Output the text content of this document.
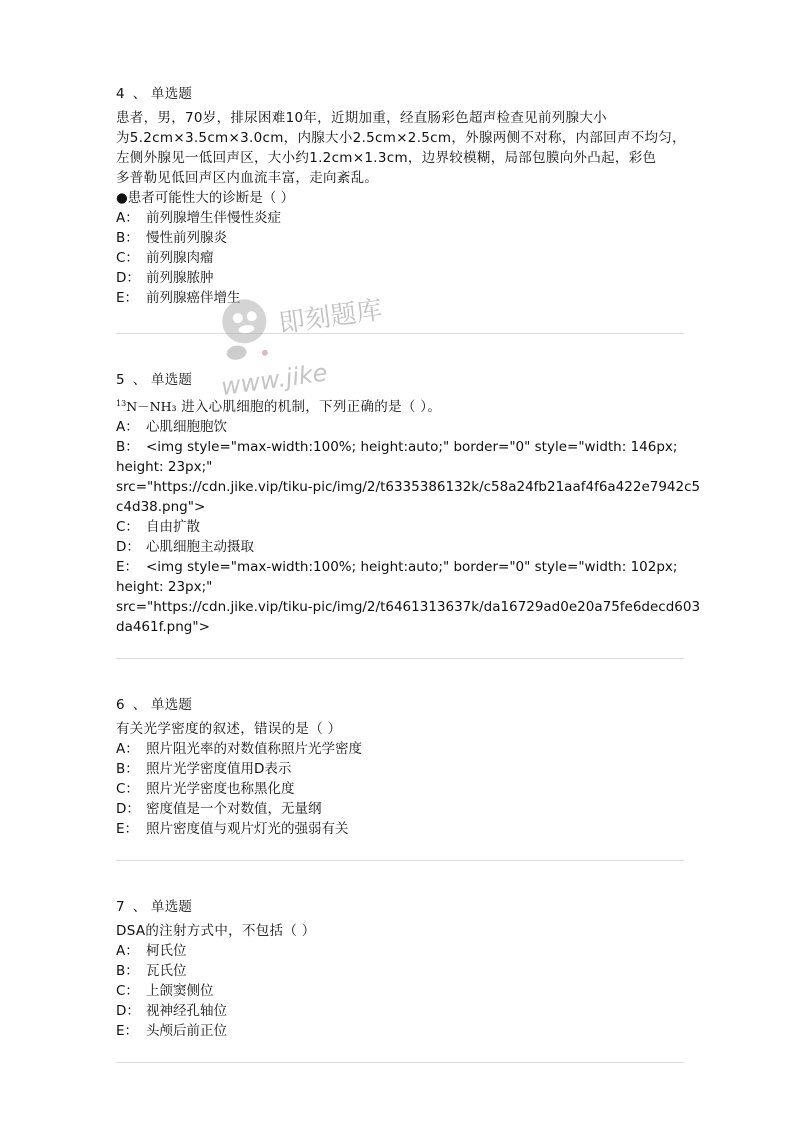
4 、 单选题
患者，男，70岁，排尿困难10年，近期加重，经直肠彩色超声检查见前列腺大小
为5.2cm×3.5cm×3.0cm，内腺大小2.5cm×2.5cm，外腺两侧不对称，内部回声不均匀，
左侧外腺见一低回声区，大小约1.2cm×1.3cm，边界较模糊，局部包膜向外凸起，彩色
多普勒见低回声区内血流丰富，走向紊乱。
●患者可能性大的诊断是（ ）
A： 前列腺增生伴慢性炎症
B： 慢性前列腺炎
C： 前列腺肉瘤
D： 前列腺脓肿
E： 前列腺癌伴增生
5 、 单选题
$^{13}$N－NH₃ 进入心肌细胞的机制，下列正确的是（ ）。
A： 心肌细胞胞饮
B： <img style="max-width:100%; height:auto;" border="0" style="width: 146px;
height: 23px;"
src="https://cdn.jike.vip/tiku-pic/img/2/t6335386132k/c58a24fb21aaf4f6a422e7942c5
c4d38.png">
C： 自由扩散
D： 心肌细胞主动摄取
E： <img style="max-width:100%; height:auto;" border="0" style="width: 102px;
height: 23px;"
src="https://cdn.jike.vip/tiku-pic/img/2/t6461313637k/da16729ad0e20a75fe6decd603
da461f.png">
6 、 单选题
有关光学密度的叙述，错误的是（ ）
A： 照片阻光率的对数值称照片光学密度
B： 照片光学密度值用D表示
C： 照片光学密度也称黑化度
D： 密度值是一个对数值，无量纲
E： 照片密度值与观片灯光的强弱有关
7 、 单选题
DSA的注射方式中，不包括（ ）
A： 柯氏位
B： 瓦氏位
C： 上颌窦侧位
D： 视神经孔轴位
E： 头颅后前正位
即刻题库
www.jike
